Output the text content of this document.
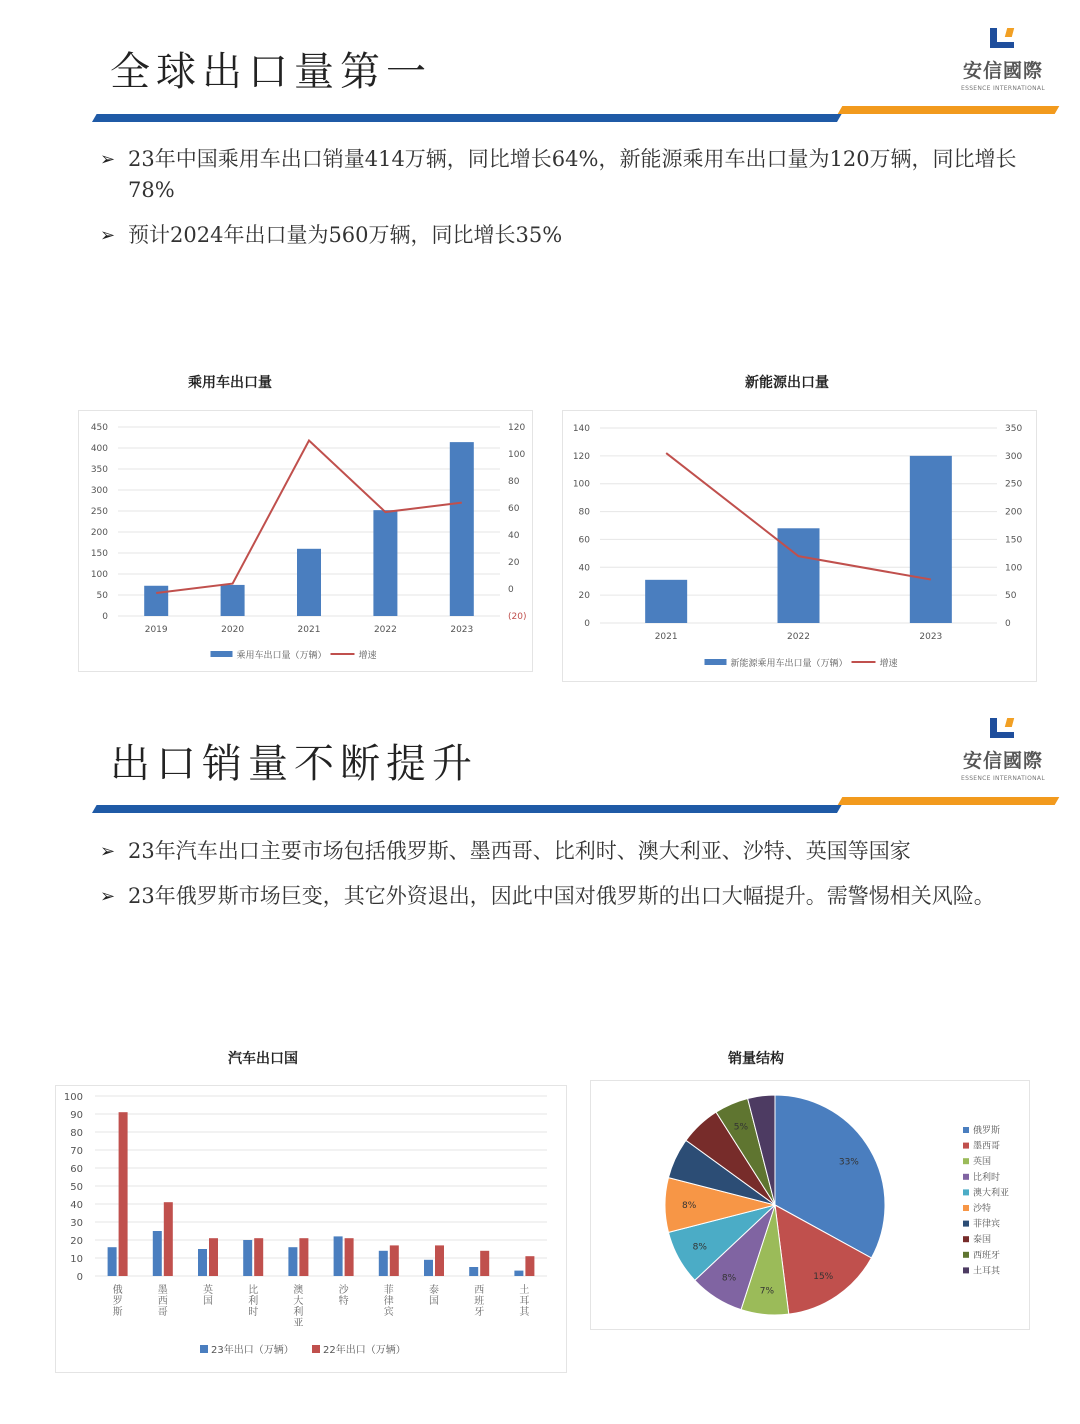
全球出口量第一	安信國際
ESSENCE INTERNATIONAL
➢ 23年中国乘用车出口销量414万辆，同比增长64%，新能源乘用车出口量为120万辆，同比增长78%
➢ 预计2024年出口量为560万辆，同比增长35%
乘用车出口量
0
50
100
150
200
250
300
350
400
450
(20)
0
20
40
60
80
100
120
2019	2020	2021	2022	2023
乘用车出口量（万辆）	增速
新能源出口量
0
20
40
60
80
100
120
140
0
50
100
150
200
250
300
350
2021	2022	2023
新能源乘用车出口量（万辆）	增速
出口销量不断提升	安信國際
ESSENCE INTERNATIONAL
➢ 23年汽车出口主要市场包括俄罗斯、墨西哥、比利时、澳大利亚、沙特、英国等国家
➢ 23年俄罗斯市场巨变，其它外资退出，因此中国对俄罗斯的出口大幅提升。需警惕相关风险。
汽车出口国
0
10
20
30
40
50
60
70
80
90
100
俄罗斯
墨西哥
英国
比利时
澳大利亚
沙特
菲律宾
泰国
西班牙
土耳其
23年出口（万辆）	22年出口（万辆）
销量结构
33%
15%
7%
8%
8%
8%
5%	俄罗斯
墨西哥
英国
比利时
澳大利亚
沙特
菲律宾
泰国
西班牙
土耳其
